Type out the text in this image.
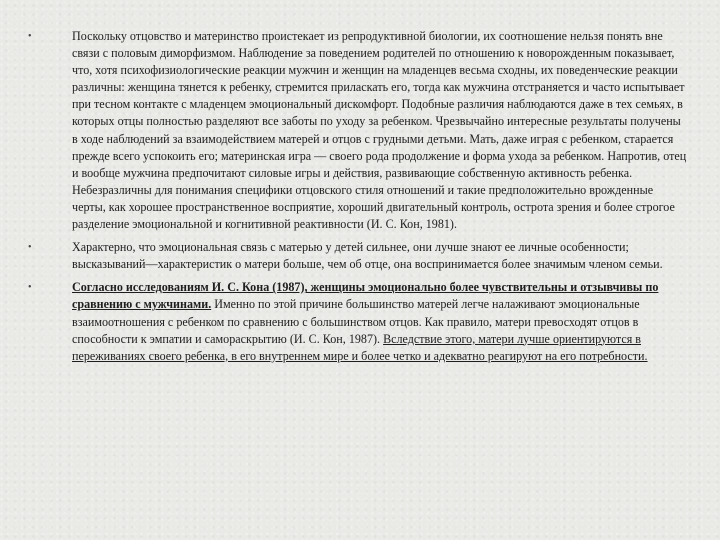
•	Поскольку отцовство и материнство проистекает из репродуктивной биологии, их соотношение нельзя понять вне связи с половым диморфизмом. Наблюдение за поведением родителей по отношению к новорожденным показывает, что, хотя психофизиологические реакции мужчин и женщин на младенцев весьма сходны, их поведенческие реакции различны: женщина тянется к ребенку, стремится приласкать его, тогда как мужчина отстраняется и часто испытывает при тесном контакте с младенцем эмоциональный дискомфорт. Подобные различия наблюдаются даже в тех семьях, в которых отцы полностью разделяют все заботы по уходу за ребенком. Чрезвычайно интересные результаты получены в ходе наблюдений за взаимодействием матерей и отцов с грудными детьми. Мать, даже играя с ребенком, старается прежде всего успокоить его; материнская игра — своего рода продолжение и форма ухода за ребенком. Напротив, отец и вообще мужчина предпочитают силовые игры и действия, развивающие собственную активность ребенка. Небезразличны для понимания специфики отцовского стиля отношений и такие предположительно врожденные черты, как хорошее пространственное восприятие, хороший двигательный контроль, острота зрения и более строгое разделение эмоциональной и когнитивной реактивности (И. С. Кон, 1981).
•	Характерно, что эмоциональная связь с матерью у детей сильнее, они лучше знают ее личные особенности; высказываний—характеристик о матери больше, чем об отце, она воспринимается более значимым членом семьи.
•	Согласно исследованиям И. С. Кона (1987), женщины эмоционально более чувствительны и отзывчивы по сравнению с мужчинами. Именно по этой причине большинство матерей легче налаживают эмоциональные взаимоотношения с ребенком по сравнению с большинством отцов. Как правило, матери превосходят отцов в способности к эмпатии и самораскрытию (И. С. Кон, 1987). Вследствие этого, матери лучше ориентируются в переживаниях своего ребенка, в его внутреннем мире и более четко и адекватно реагируют на его потребности.
